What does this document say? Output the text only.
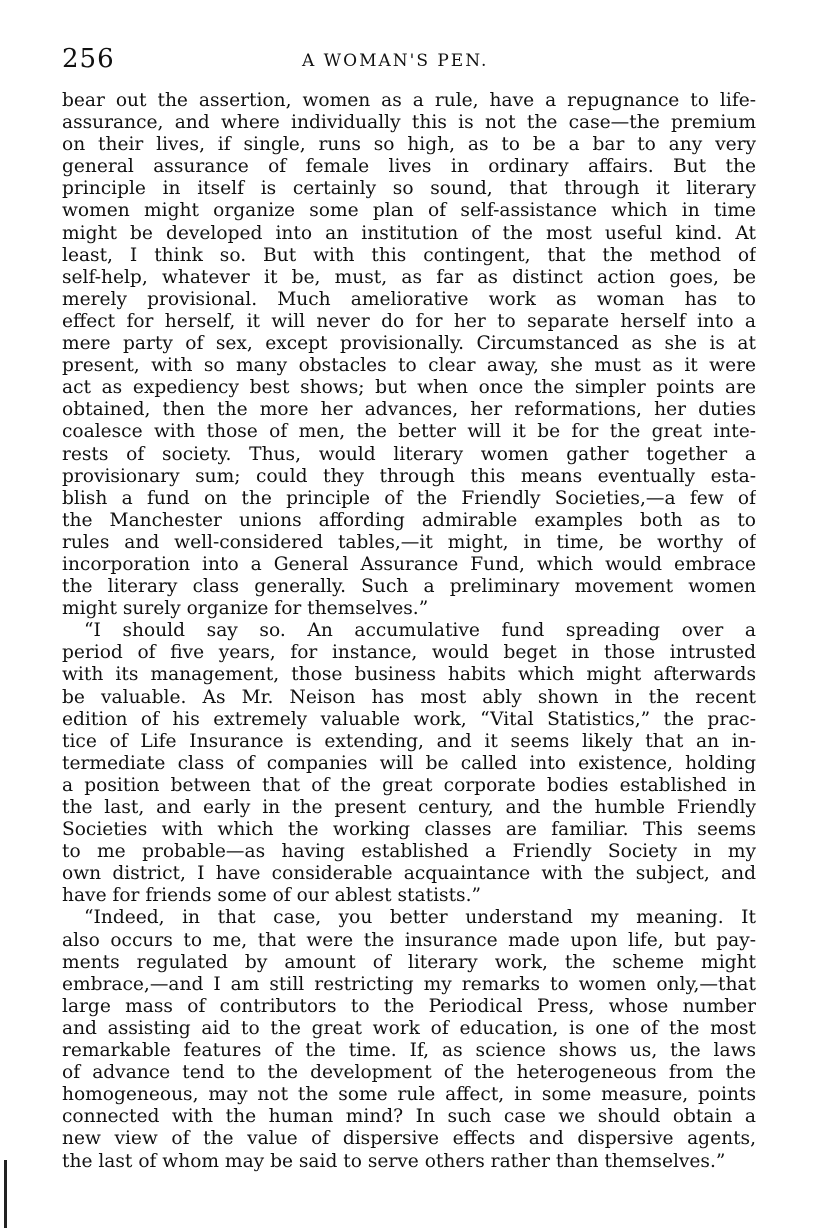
256	A WOMAN'S PEN.
bear out the assertion, women as a rule, have a repugnance to life-
assurance, and where individually this is not the case—the premium
on their lives, if single, runs so high, as to be a bar to any very
general assurance of female lives in ordinary affairs. But the
principle in itself is certainly so sound, that through it literary
women might organize some plan of self-assistance which in time
might be developed into an institution of the most useful kind. At
least, I think so. But with this contingent, that the method of
self-help, whatever it be, must, as far as distinct action goes, be
merely provisional. Much ameliorative work as woman has to
effect for herself, it will never do for her to separate herself into a
mere party of sex, except provisionally. Circumstanced as she is at
present, with so many obstacles to clear away, she must as it were
act as expediency best shows; but when once the simpler points are
obtained, then the more her advances, her reformations, her duties
coalesce with those of men, the better will it be for the great inte-
rests of society. Thus, would literary women gather together a
provisionary sum; could they through this means eventually esta-
blish a fund on the principle of the Friendly Societies,—a few of
the Manchester unions affording admirable examples both as to
rules and well-considered tables,—it might, in time, be worthy of
incorporation into a General Assurance Fund, which would embrace
the literary class generally. Such a preliminary movement women
might surely organize for themselves.”
“I should say so. An accumulative fund spreading over a
period of five years, for instance, would beget in those intrusted
with its management, those business habits which might afterwards
be valuable. As Mr. Neison has most ably shown in the recent
edition of his extremely valuable work, “Vital Statistics,” the prac-
tice of Life Insurance is extending, and it seems likely that an in-
termediate class of companies will be called into existence, holding
a position between that of the great corporate bodies established in
the last, and early in the present century, and the humble Friendly
Societies with which the working classes are familiar. This seems
to me probable—as having established a Friendly Society in my
own district, I have considerable acquaintance with the subject, and
have for friends some of our ablest statists.”
“Indeed, in that case, you better understand my meaning. It
also occurs to me, that were the insurance made upon life, but pay-
ments regulated by amount of literary work, the scheme might
embrace,—and I am still restricting my remarks to women only,—that
large mass of contributors to the Periodical Press, whose number
and assisting aid to the great work of education, is one of the most
remarkable features of the time. If, as science shows us, the laws
of advance tend to the development of the heterogeneous from the
homogeneous, may not the some rule affect, in some measure, points
connected with the human mind? In such case we should obtain a
new view of the value of dispersive effects and dispersive agents,
the last of whom may be said to serve others rather than themselves.”
